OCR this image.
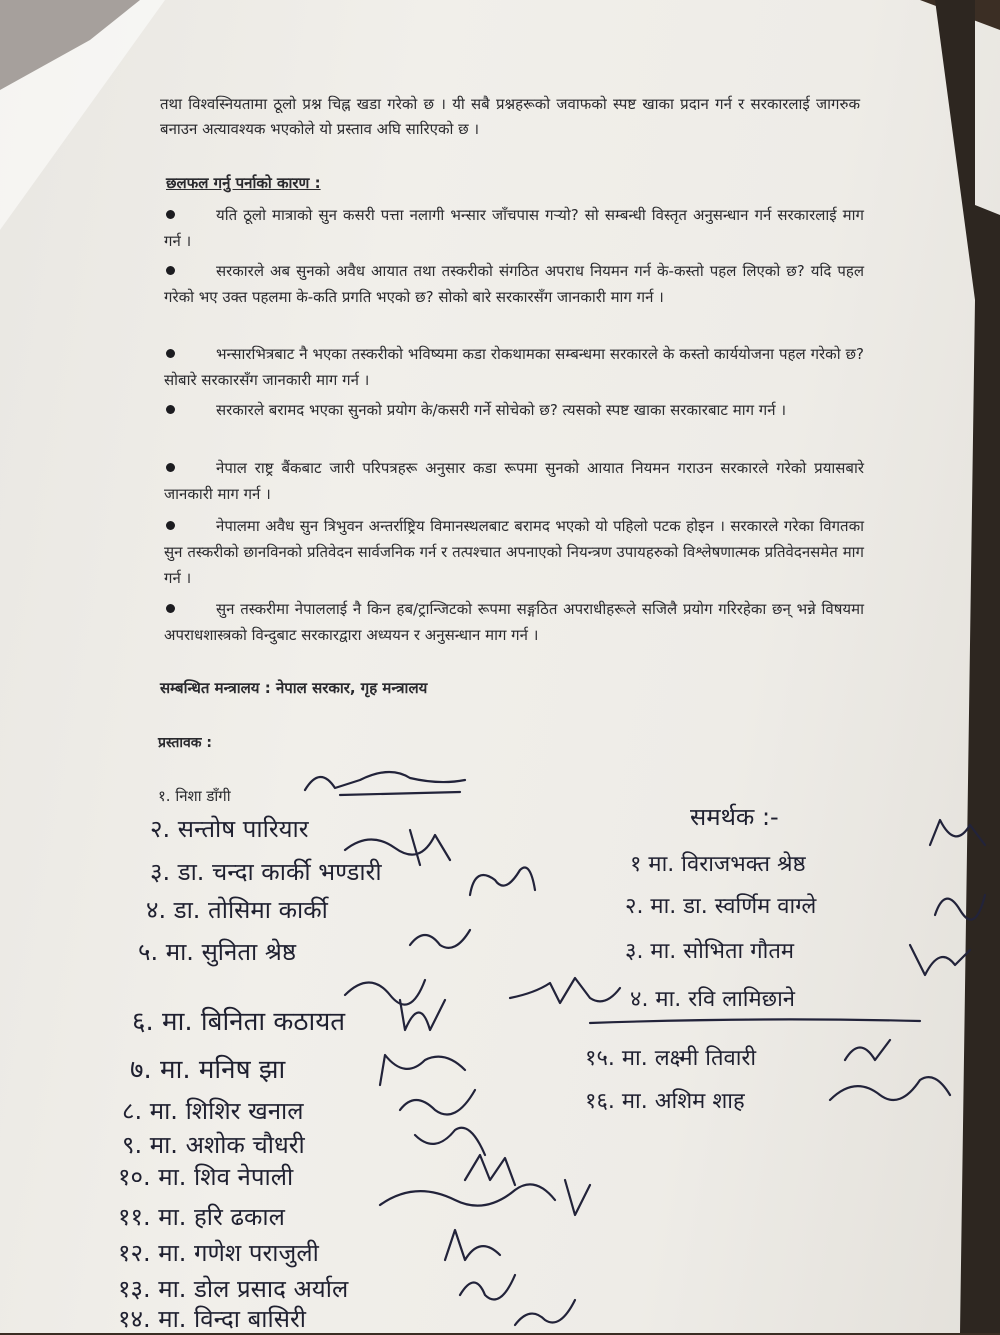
तथा विश्वस्नियतामा ठूलो प्रश्न चिह्न खडा गरेको छ । यी सबै प्रश्नहरूको जवाफको स्पष्ट खाका प्रदान गर्न र सरकारलाई जागरुक बनाउन अत्यावश्यक भएकोले यो प्रस्ताव अघि सारिएको छ ।

छलफल गर्नु पर्नाको कारण :
यति ठूलो मात्राको सुन कसरी पत्ता नलागी भन्सार जाँचपास गर्‍यो? सो सम्बन्धी विस्तृत अनुसन्धान गर्न सरकारलाई माग गर्न ।
सरकारले अब सुनको अवैध आयात तथा तस्करीको संगठित अपराध नियमन गर्न के-कस्तो पहल लिएको छ? यदि पहल गरेको भए उक्त पहलमा के-कति प्रगति भएको छ? सोको बारे सरकारसँग जानकारी माग गर्न ।
भन्सारभित्रबाट नै भएका तस्करीको भविष्यमा कडा रोकथामका सम्बन्धमा सरकारले के कस्तो कार्ययोजना पहल गरेको छ? सोबारे सरकारसँग जानकारी माग गर्न ।
सरकारले बरामद भएका सुनको प्रयोग के/कसरी गर्ने सोचेको छ? त्यसको स्पष्ट खाका सरकारबाट माग गर्न ।
नेपाल राष्ट्र बैंकबाट जारी परिपत्रहरू अनुसार कडा रूपमा सुनको आयात नियमन गराउन सरकारले गरेको प्रयासबारे जानकारी माग गर्न ।
नेपालमा अवैध सुन त्रिभुवन अन्तर्राष्ट्रिय विमानस्थलबाट बरामद भएको यो पहिलो पटक होइन । सरकारले गरेका विगतका सुन तस्करीको छानविनको प्रतिवेदन सार्वजनिक गर्न र तत्पश्चात अपनाएको नियन्त्रण उपायहरुको विश्लेषणात्मक प्रतिवेदनसमेत माग गर्न ।
सुन तस्करीमा नेपाललाई नै किन हब/ट्रान्जिटको रूपमा सङ्गठित अपराधीहरूले सजिलै प्रयोग गरिरहेका छन् भन्ने विषयमा अपराधशास्त्रको विन्दुबाट सरकारद्वारा अध्ययन र अनुसन्धान माग गर्न ।
सम्बन्धित मन्त्रालय : नेपाल सरकार, गृह मन्त्रालय
प्रस्तावक :
१. निशा डाँगी
२. सन्तोष पारियार
३. डा. चन्दा कार्की भण्डारी
४. डा. तोसिमा कार्की
५. मा. सुनिता श्रेष्ठ
६. मा. बिनिता कठायत
७. मा. मनिष झा
८. मा. शिशिर खनाल
९. मा. अशोक चौधरी
१०. मा. शिव नेपाली
११. मा. हरि ढकाल
१२. मा. गणेश पराजुली
१३. मा. डोल प्रसाद अर्याल
१४. मा. विन्दा बासिरी
समर्थक :-
१ मा. विराजभक्त श्रेष्ठ
२. मा. डा. स्वर्णिम वाग्ले
३. मा. सोभिता गौतम
४. मा. रवि लामिछाने
१५. मा. लक्ष्मी तिवारी
१६. मा. अशिम शाह
